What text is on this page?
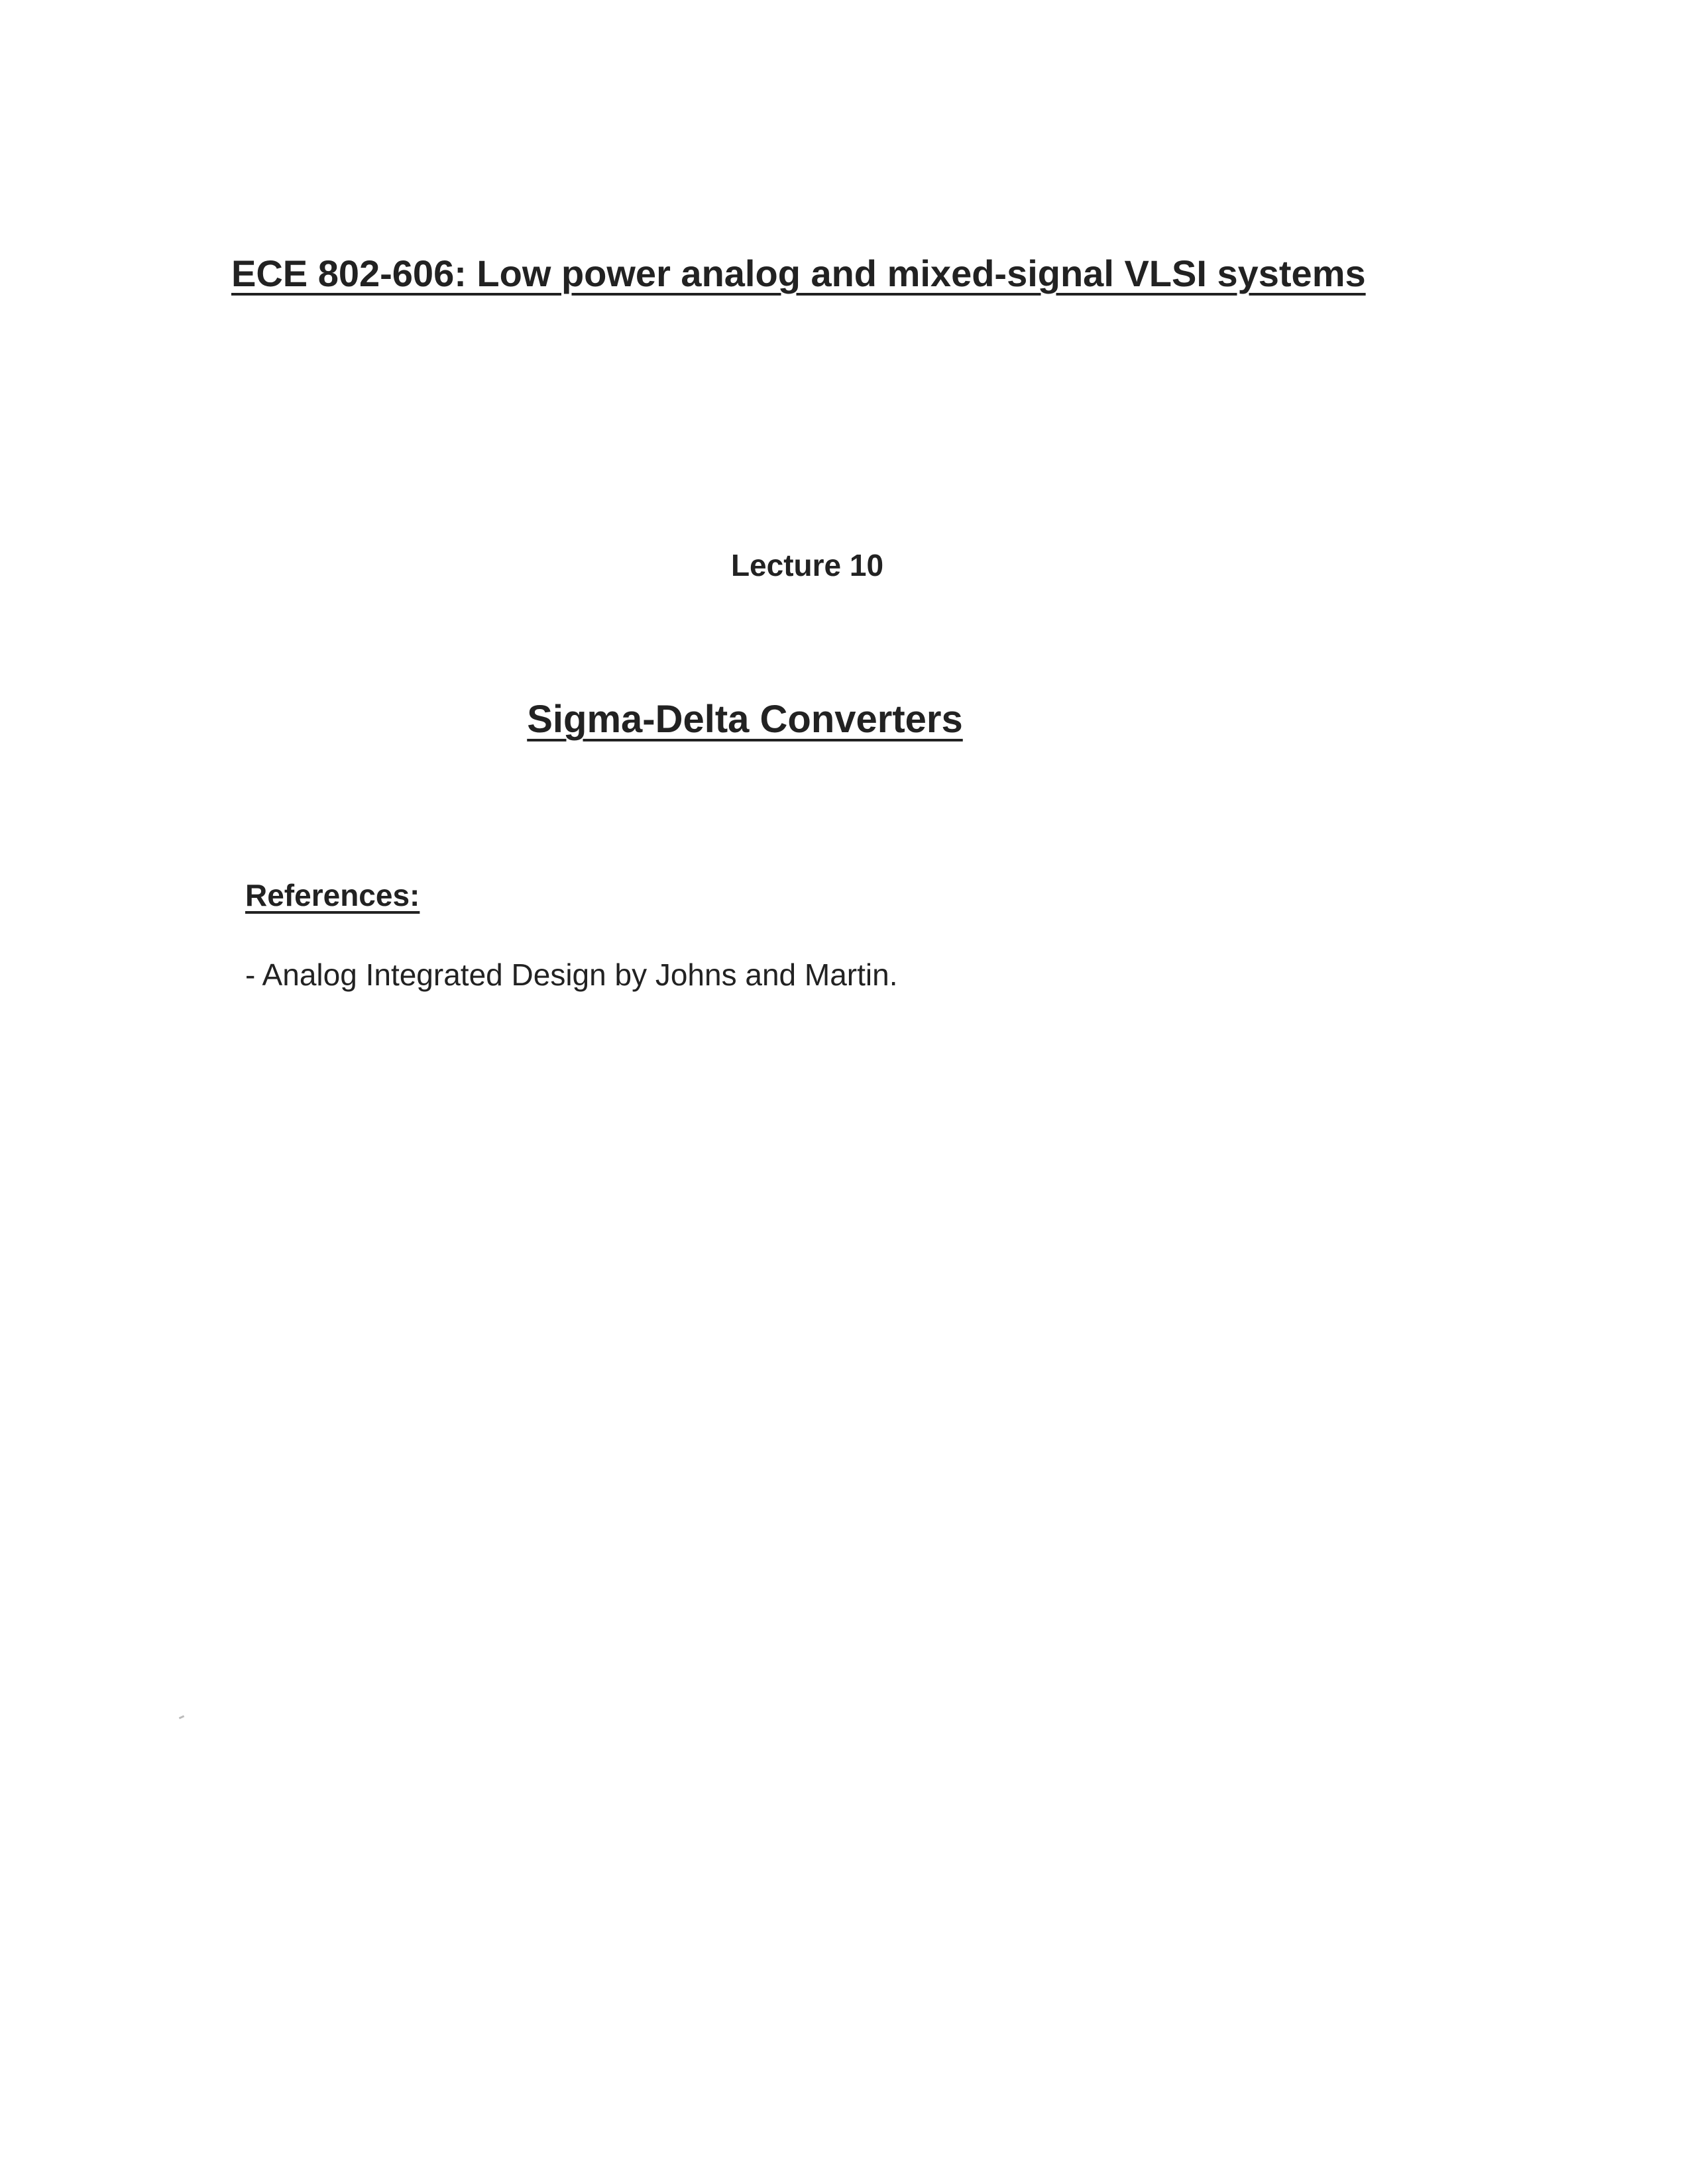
ECE 802-606: Low power analog and mixed-signal VLSI systems
Lecture 10
Sigma-Delta Converters
References:
- Analog Integrated Design by Johns and Martin.
